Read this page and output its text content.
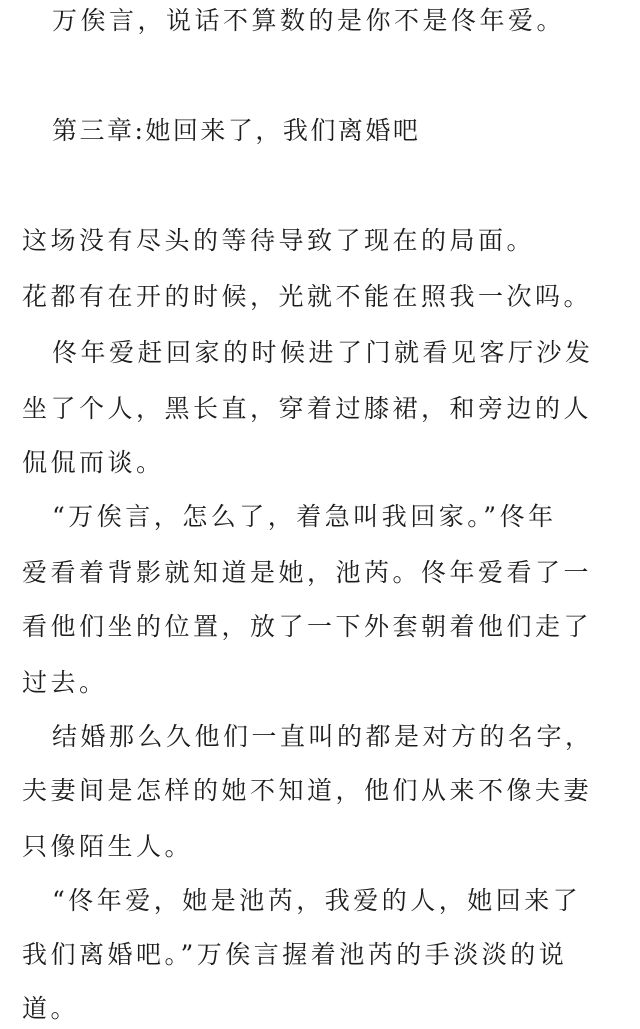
万俟言，说话不算数的是你不是佟年爱。
第三章:她回来了，我们离婚吧
这场没有尽头的等待导致了现在的局面。
花都有在开的时候，光就不能在照我一次吗。
佟年爱赶回家的时候进了门就看见客厅沙发
坐了个人，黑长直，穿着过膝裙，和旁边的人
侃侃而谈。
“万俟言，怎么了，着急叫我回家。”佟年
爱看着背影就知道是她，池芮。佟年爱看了一
看他们坐的位置，放了一下外套朝着他们走了
过去。
结婚那么久他们一直叫的都是对方的名字，
夫妻间是怎样的她不知道，他们从来不像夫妻
只像陌生人。
“佟年爱，她是池芮，我爱的人，她回来了
我们离婚吧。”万俟言握着池芮的手淡淡的说
道。
